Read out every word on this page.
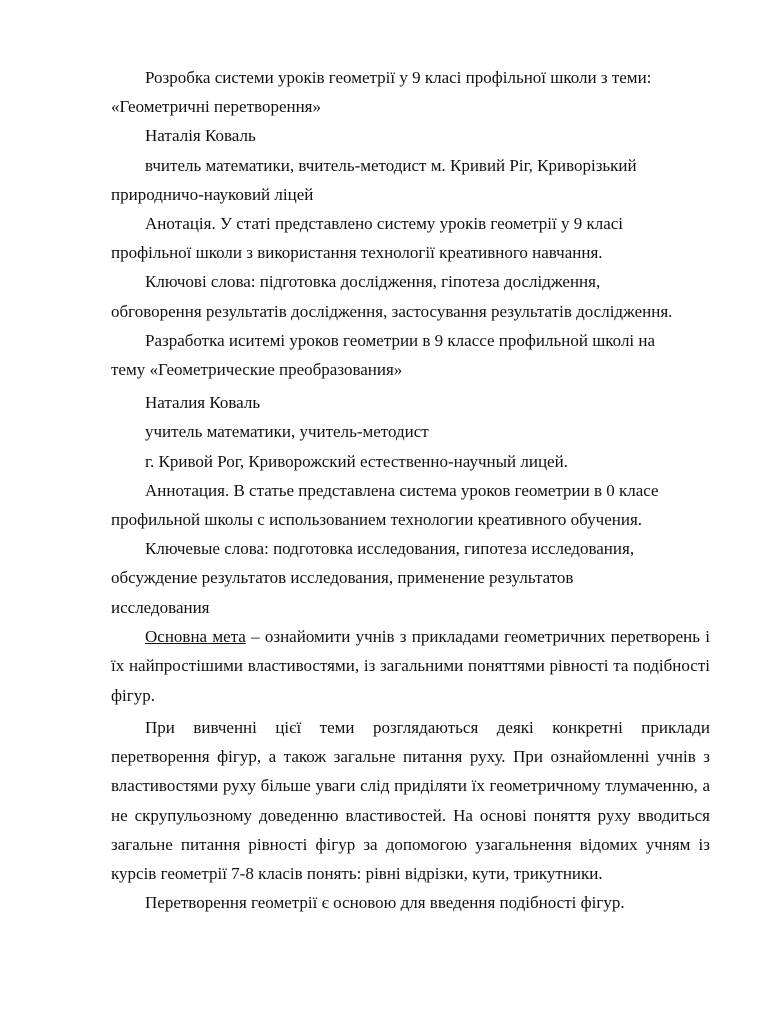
Розробка системи уроків геометрії у 9 класі профільної школи з теми:

«Геометричні перетворення»

Наталія Коваль

вчитель математики, вчитель-методист м. Кривий Ріг, Криворізький

природничо-науковий ліцей

Анотація. У статі представлено систему уроків геометрії у 9 класі

профільної школи з використання технології креативного навчання.

Ключові слова: підготовка дослідження, гіпотеза дослідження,

обговорення результатів дослідження, застосування результатів дослідження.

Разработка иситемі уроков геометрии в 9 классе профильной школі на

тему «Геометрические преобразования»

Наталия Коваль

учитель математики, учитель-методист

г. Кривой Рог, Криворожский естественно-научный лицей.

Аннотация. В статье представлена система уроков геометрии в 0 класе

профильной школы с использованием технологии креативного обучения.

Ключевые слова: подготовка исследования, гипотеза исследования,

обсуждение результатов исследования, применение результатов

исследования

Основна мета – ознайомити учнів з прикладами геометричних перетворень і їх найпростішими властивостями, із загальними поняттями рівності та подібності фігур.

При вивченні цієї теми розглядаються деякі конкретні приклади перетворення фігур, а також загальне питання руху. При ознайомленні учнів з властивостями руху більше уваги слід приділяти їх геометричному тлумаченню, а не скрупульозному доведенню властивостей. На основі поняття руху вводиться загальне питання рівності фігур за допомогою узагальнення відомих учням із курсів геометрії 7-8 класів понять: рівні відрізки, кути, трикутники.

Перетворення геометрії є основою для введення подібності фігур.
